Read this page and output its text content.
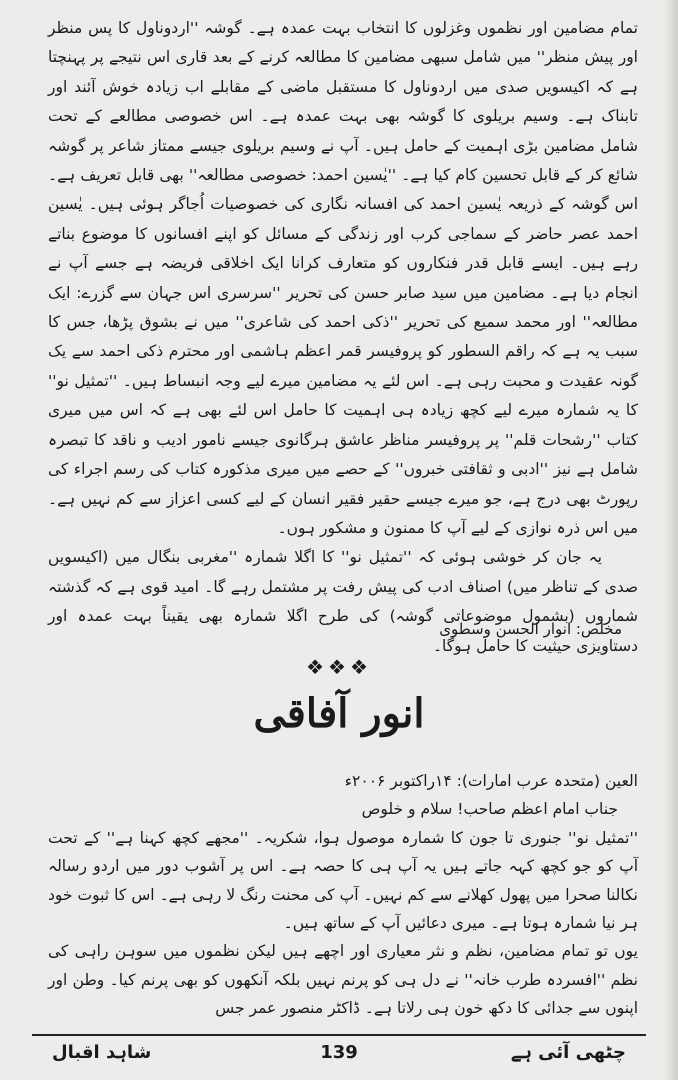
تمام مضامین اور نظموں وغزلوں کا انتخاب بہت عمدہ ہے۔ گوشہ ''اردوناول کا پس منظر اور پیش منظر'' میں شامل سبھی مضامین کا مطالعہ کرنے کے بعد قاری اس نتیجے پر پہنچتا ہے کہ اکیسویں صدی میں اردوناول کا مستقبل ماضی کے مقابلے اب زیادہ خوش آئند اور تابناک ہے۔ وسیم بریلوی کا گوشہ بھی بہت عمدہ ہے۔ اس خصوصی مطالعے کے تحت شامل مضامین بڑی اہمیت کے حامل ہیں۔ آپ نے وسیم بریلوی جیسے ممتاز شاعر پر گوشہ شائع کر کے قابل تحسین کام کیا ہے۔ ''یٰسین احمد: خصوصی مطالعہ'' بھی قابل تعریف ہے۔ اس گوشہ کے ذریعہ یٰسین احمد کی افسانہ نگاری کی خصوصیات اُجاگر ہوئی ہیں۔ یٰسین احمد عصر حاضر کے سماجی کرب اور زندگی کے مسائل کو اپنے افسانوں کا موضوع بناتے رہے ہیں۔ ایسے قابل قدر فنکاروں کو متعارف کرانا ایک اخلاقی فریضہ ہے جسے آپ نے انجام دیا ہے۔ مضامین میں سید صابر حسن کی تحریر ''سرسری اس جہان سے گزرے: ایک مطالعہ'' اور محمد سمیع کی تحریر ''ذکی احمد کی شاعری'' میں نے بشوق پڑھا، جس کا سبب یہ ہے کہ راقم السطور کو پروفیسر قمر اعظم ہاشمی اور محترم ذکی احمد سے یک گونہ عقیدت و محبت رہی ہے۔ اس لئے یہ مضامین میرے لیے وجہ انبساط ہیں۔ ''تمثیل نو'' کا یہ شمارہ میرے لیے کچھ زیادہ ہی اہمیت کا حامل اس لئے بھی ہے کہ اس میں میری کتاب ''رشحات قلم'' پر پروفیسر مناظر عاشق ہرگانوی جیسے نامور ادیب و ناقد کا تبصرہ شامل ہے نیز ''ادبی و ثقافتی خبروں'' کے حصے میں میری مذکورہ کتاب کی رسم اجراء کی رپورٹ بھی درج ہے، جو میرے جیسے حقیر فقیر انسان کے لیے کسی اعزاز سے کم نہیں ہے۔ میں اس ذرہ نوازی کے لیے آپ کا ممنون و مشکور ہوں۔

یہ جان کر خوشی ہوئی کہ ''تمثیل نو'' کا اگلا شمارہ ''مغربی بنگال میں (اکیسویں صدی کے تناظر میں) اصناف ادب کی پیش رفت پر مشتمل رہے گا۔ امید قوی ہے کہ گذشتہ شماروں (بشمول موضوعاتی گوشہ) کی طرح اگلا شمارہ بھی یقیناً بہت عمدہ اور دستاویزی حیثیت کا حامل ہوگا۔

مخلص: انوار الحسن وسطوی
❖❖❖
انور آفاقی
العین (متحدہ عرب امارات): ۱۴راکتوبر ۲۰۰۶ء
جناب امام اعظم صاحب! سلام و خلوص

''تمثیل نو'' جنوری تا جون کا شمارہ موصول ہوا، شکریہ۔ ''مجھے کچھ کہنا ہے'' کے تحت آپ کو جو کچھ کہہ جاتے ہیں یہ آپ ہی کا حصہ ہے۔ اس پر آشوب دور میں اردو رسالہ نکالنا صحرا میں پھول کھلانے سے کم نہیں۔ آپ کی محنت رنگ لا رہی ہے۔ اس کا ثبوت خود ہر نیا شمارہ ہوتا ہے۔ میری دعائیں آپ کے ساتھ ہیں۔

یوں تو تمام مضامین، نظم و نثر معیاری اور اچھے ہیں لیکن نظموں میں سوہن راہی کی نظم ''افسردہ طرب خانہ'' نے دل ہی کو پرنم نہیں بلکہ آنکھوں کو بھی پرنم کیا۔ وطن اور اپنوں سے جدائی کا دکھ خون ہی رلاتا ہے۔ ڈاکٹر منصور عمر جس

شاہد اقبال	139	چٹھی آئی ہے
